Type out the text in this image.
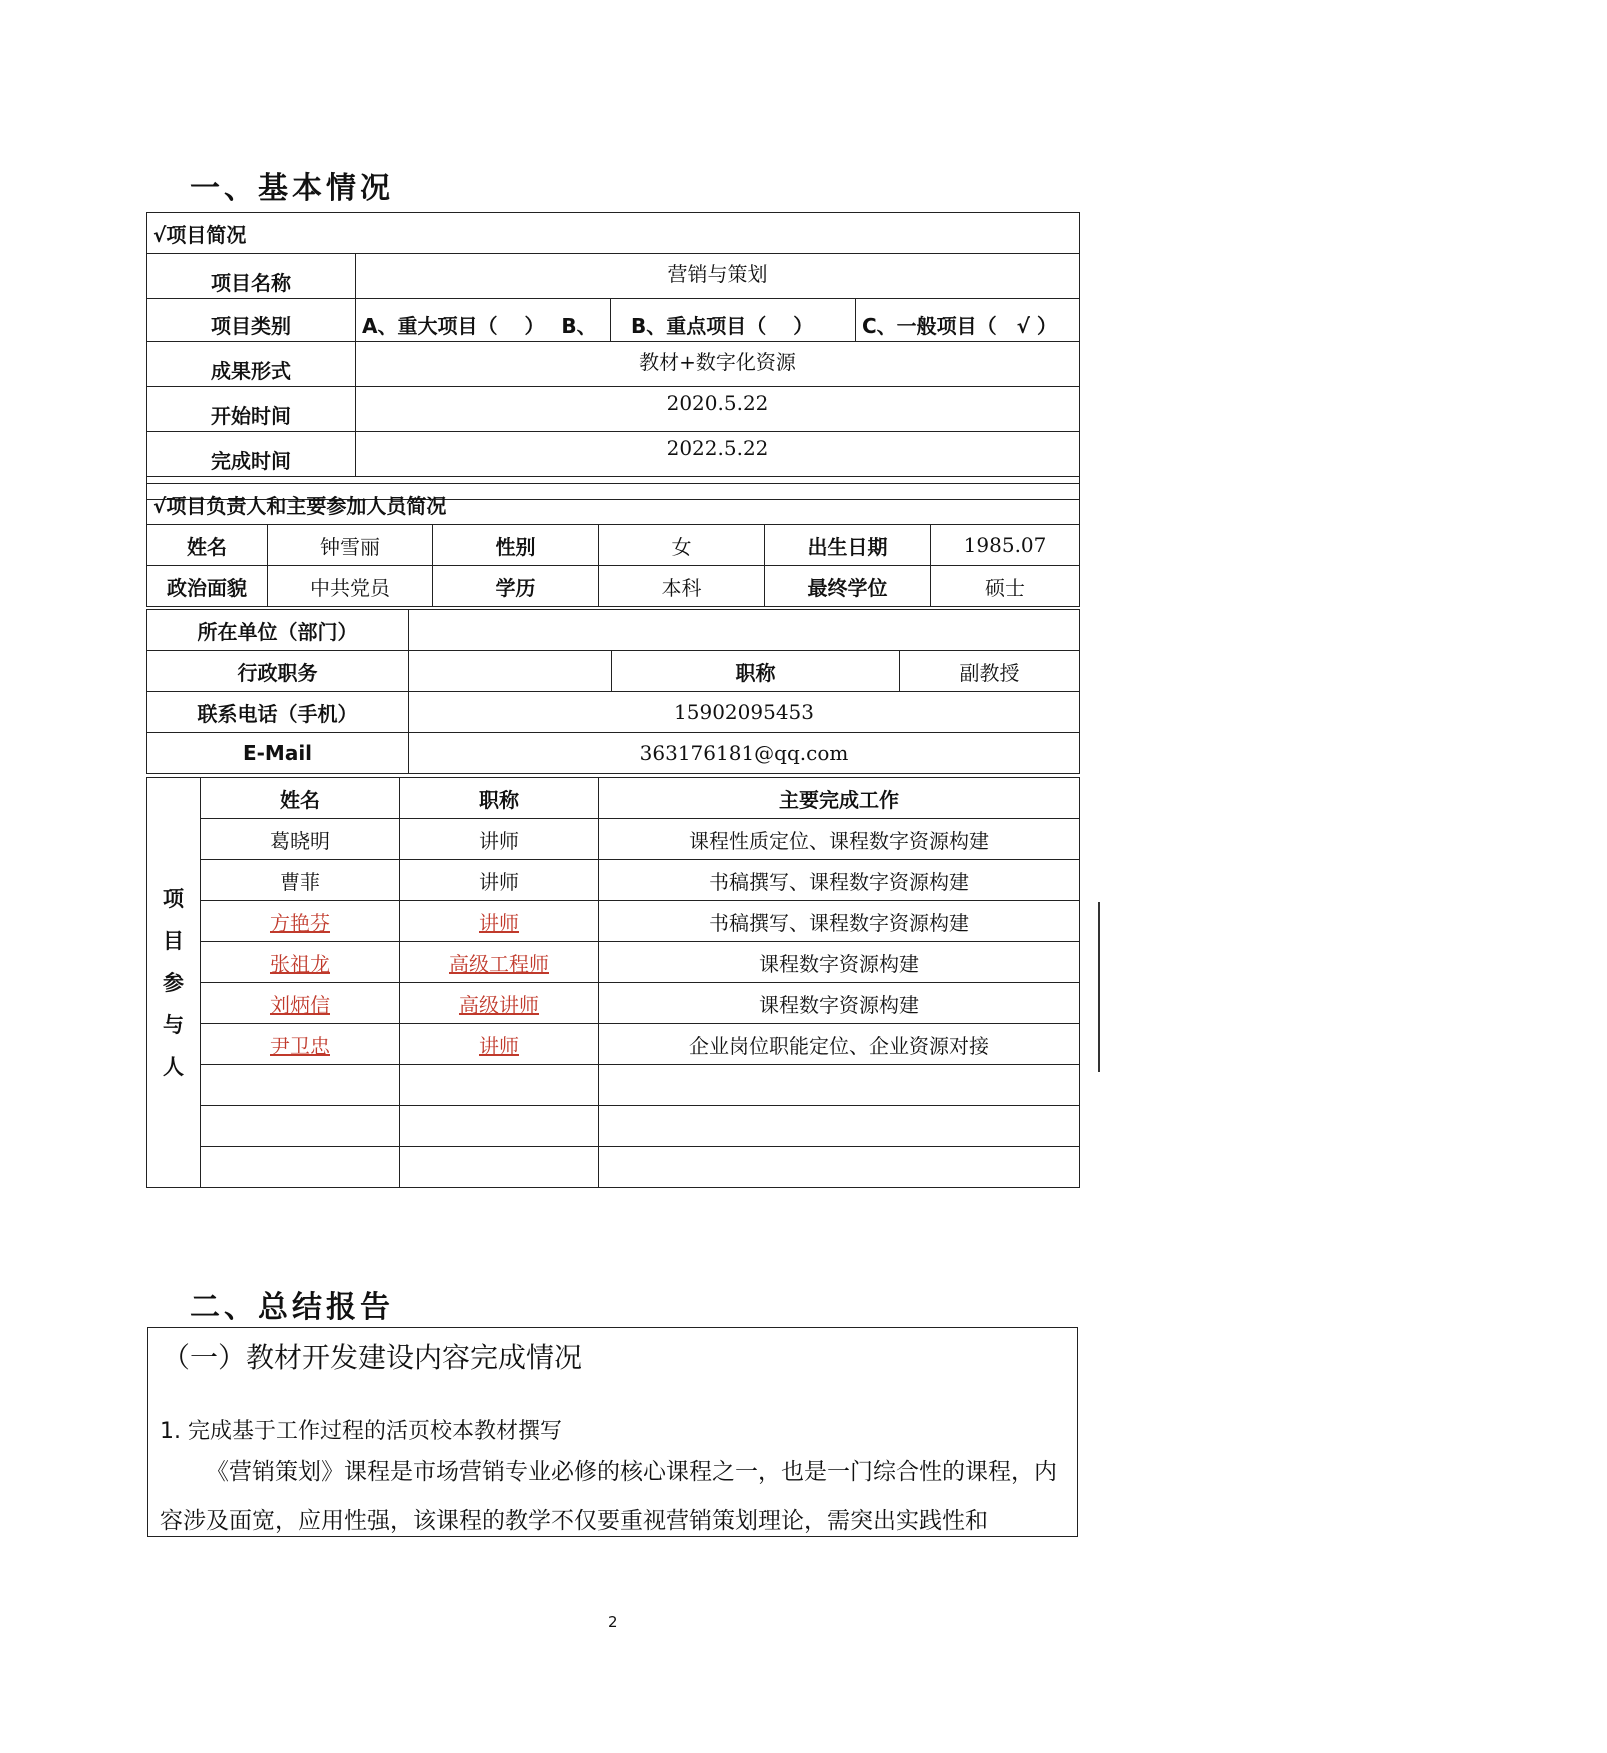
一、基本情况
√项目简况			
项目名称	营销与策划		
项目类别	A、重大项目（　 ）　 B、	B、重点项目（　 ）	C、一般项目（　√ ）
成果形式	教材+数字化资源		
开始时间	2020.5.22		
完成时间	2022.5.22		

√项目负责人和主要参加人员简况					
姓名	钟雪丽	性别	女	出生日期	1985.07
政治面貌	中共党员	学历	本科	最终学位	硕士
所在单位（部门）			
行政职务		职称	副教授
联系电话（手机）	15902095453		
E-Mail	363176181@qq.com		
项
目
参
与
人	姓名	职称	主要完成工作
	葛晓明	讲师	课程性质定位、课程数字资源构建
	曹菲	讲师	书稿撰写、课程数字资源构建
	方艳芬	讲师	书稿撰写、课程数字资源构建
	张祖龙	高级工程师	课程数字资源构建
	刘炳信	高级讲师	课程数字资源构建
	尹卫忠	讲师	企业岗位职能定位、企业资源对接

二、总结报告
（一）教材开发建设内容完成情况
1. 完成基于工作过程的活页校本教材撰写
《营销策划》课程是市场营销专业必修的核心课程之一，也是一门综合性的课程，内容涉及面宽，应用性强，该课程的教学不仅要重视营销策划理论，需突出实践性和
2
